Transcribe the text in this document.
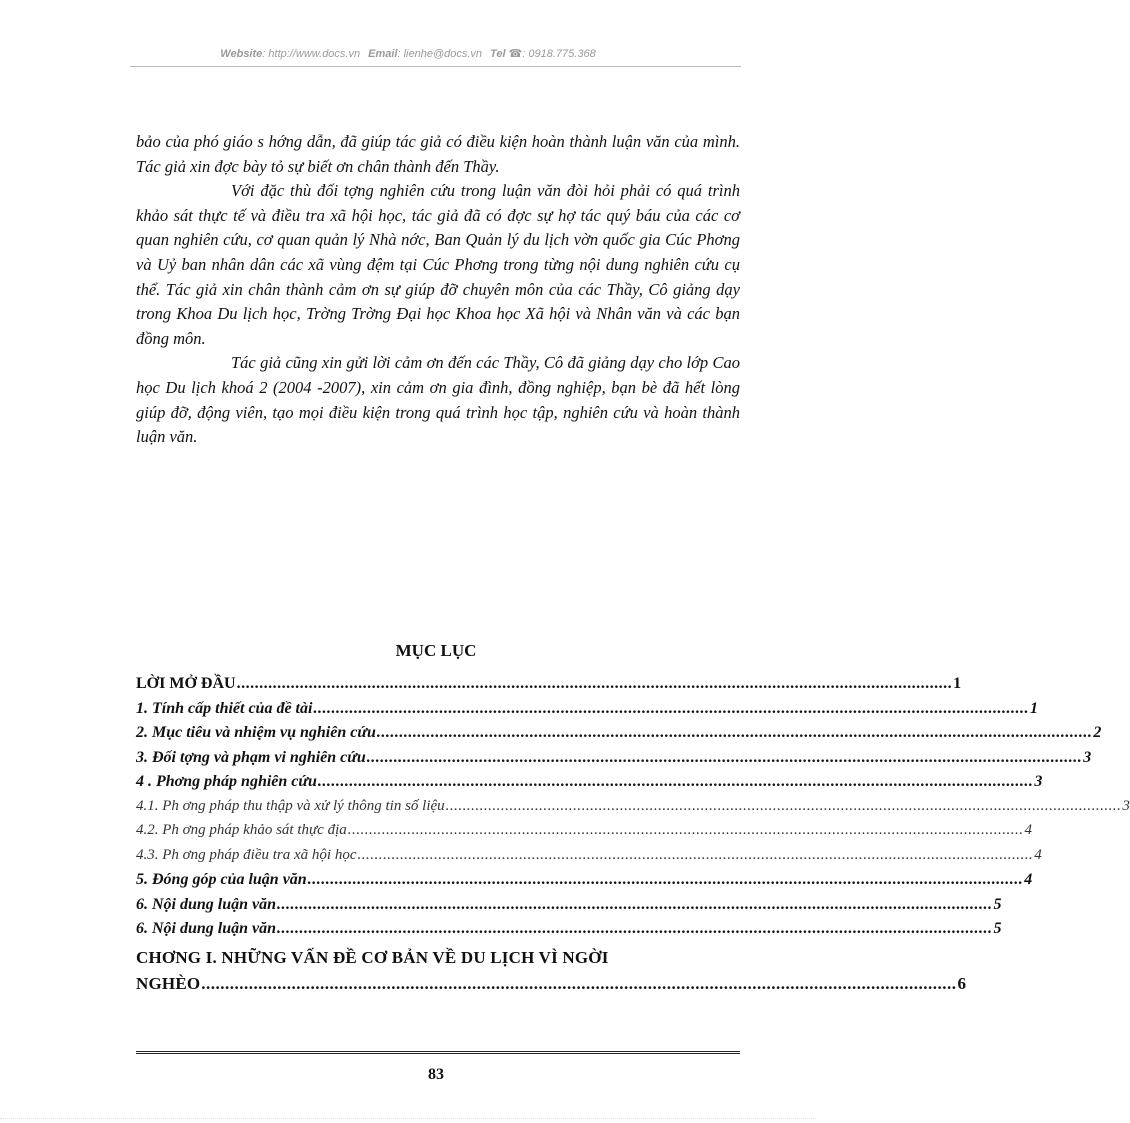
Website: http://www.docs.vn Email: lienhe@docs.vn Tel ☎: 0918.775.368

bảo của phó giáo s hớng dẫn, đã giúp tác giả có điều kiện hoàn thành luận văn của mình. Tác giả xin đợc bày tỏ sự biết ơn chân thành đến Thầy.

Với đặc thù đối tợng nghiên cứu trong luận văn đòi hỏi phải có quá trình khảo sát thực tế và điều tra xã hội học, tác giả đã có đợc sự hợ tác quý báu của các cơ quan nghiên cứu, cơ quan quản lý Nhà nớc, Ban Quản lý du lịch vờn quốc gia Cúc Phơng và Uỷ ban nhân dân các xã vùng đệm tại Cúc Phơng trong từng nội dung nghiên cứu cụ thể. Tác giả xin chân thành cảm ơn sự giúp đỡ chuyên môn của các Thầy, Cô giảng dạy trong Khoa Du lịch học, Trờng Trờng Đại học Khoa học Xã hội và Nhân văn và các bạn đồng môn.

Tác giả cũng xin gửi lời cảm ơn đến các Thầy, Cô đã giảng dạy cho lớp Cao học Du lịch khoá 2 (2004 -2007), xin cảm ơn gia đình, đồng nghiệp, bạn bè đã hết lòng giúp đỡ, động viên, tạo mọi điều kiện trong quá trình học tập, nghiên cứu và hoàn thành luận văn.

MỤC LỤC
LỜI MỞ ĐẦU ............................................................................................................................................................... 1
1. Tính cấp thiết của đề tài ............................................................................................................................................................... 1
2. Mục tiêu và nhiệm vụ nghiên cứu ............................................................................................................................................................... 2
3. Đối tợng và phạm vi nghiên cứu ............................................................................................................................................................... 3
4 . Phơng pháp nghiên cứu ............................................................................................................................................................... 3
4.1. Ph ơng pháp thu thập và xử lý thông tin số liệu ............................................................................................................................................................... 3
4.2. Ph ơng pháp khảo sát thực địa ............................................................................................................................................................... 4
4.3. Ph ơng pháp điều tra xã hội học ............................................................................................................................................................... 4
5. Đóng góp của luận văn ............................................................................................................................................................... 4
6. Nội dung luận văn ............................................................................................................................................................... 5
6. Nội dung luận văn ............................................................................................................................................................... 5
CHƠNG I. NHỮNG VẤN ĐỀ CƠ BẢN VỀ DU LỊCH VÌ NGỜI
NGHÈO ............................................................................................................................................................... 6
83
